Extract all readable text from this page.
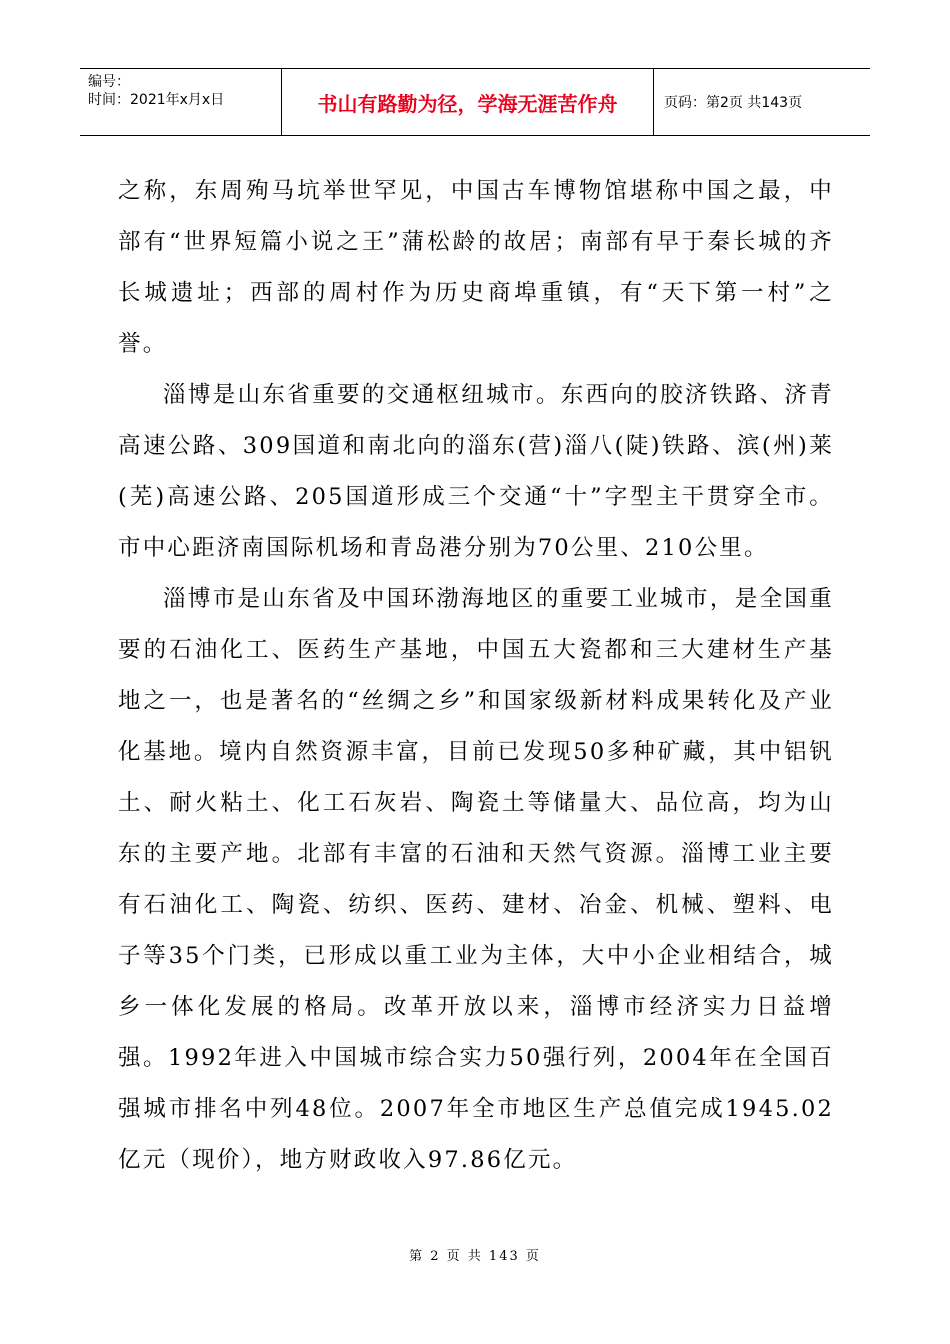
编号：
时间：2021年x月x日	书山有路勤为径，学海无涯苦作舟	页码：第2页 共143页

之称，东周殉马坑举世罕见，中国古车博物馆堪称中国之最，中部有“世界短篇小说之王”蒲松龄的故居；南部有早于秦长城的齐长城遗址；西部的周村作为历史商埠重镇，有“天下第一村”之誉。

淄博是山东省重要的交通枢纽城市。东西向的胶济铁路、济青高速公路、309国道和南北向的淄东(营)淄八(陡)铁路、滨(州)莱(芜)高速公路、205国道形成三个交通“十”字型主干贯穿全市。市中心距济南国际机场和青岛港分别为70公里、210公里。

淄博市是山东省及中国环渤海地区的重要工业城市，是全国重要的石油化工、医药生产基地，中国五大瓷都和三大建材生产基地之一，也是著名的“丝绸之乡”和国家级新材料成果转化及产业化基地。境内自然资源丰富，目前已发现50多种矿藏，其中铝钒土、耐火粘土、化工石灰岩、陶瓷土等储量大、品位高，均为山东的主要产地。北部有丰富的石油和天然气资源。淄博工业主要有石油化工、陶瓷、纺织、医药、建材、冶金、机械、塑料、电子等35个门类，已形成以重工业为主体，大中小企业相结合，城乡一体化发展的格局。改革开放以来，淄博市经济实力日益增强。1992年进入中国城市综合实力50强行列，2004年在全国百强城市排名中列48位。2007年全市地区生产总值完成1945.02亿元（现价），地方财政收入97.86亿元。

第 2 页 共 143 页
